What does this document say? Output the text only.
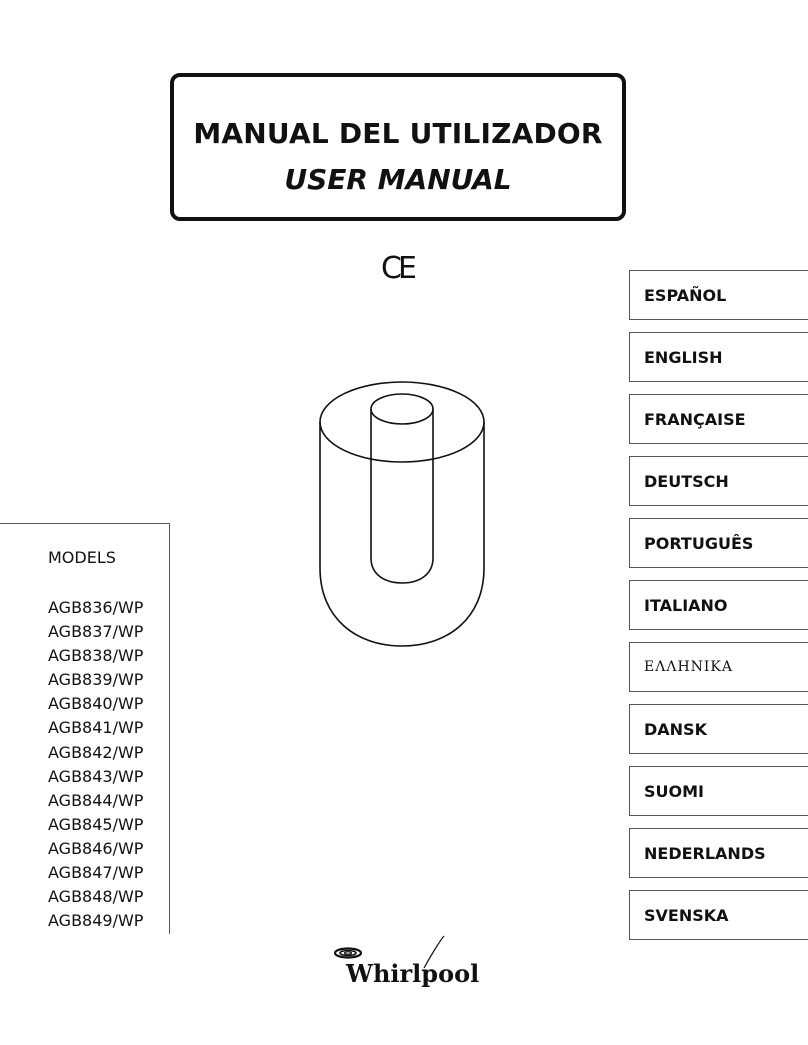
MANUAL DEL UTILIZADOR
USER MANUAL
CE
ESPAÑOL
ENGLISH
FRANÇAISE
DEUTSCH
PORTUGUÊS
ITALIANO
ΕΛΛΗΝΙΚΑ
DANSK
SUOMI
NEDERLANDS
SVENSKA
MODELS
AGB836/WP
AGB837/WP
AGB838/WP
AGB839/WP
AGB840/WP
AGB841/WP
AGB842/WP
AGB843/WP
AGB844/WP
AGB845/WP
AGB846/WP
AGB847/WP
AGB848/WP
AGB849/WP
Whirlpool
